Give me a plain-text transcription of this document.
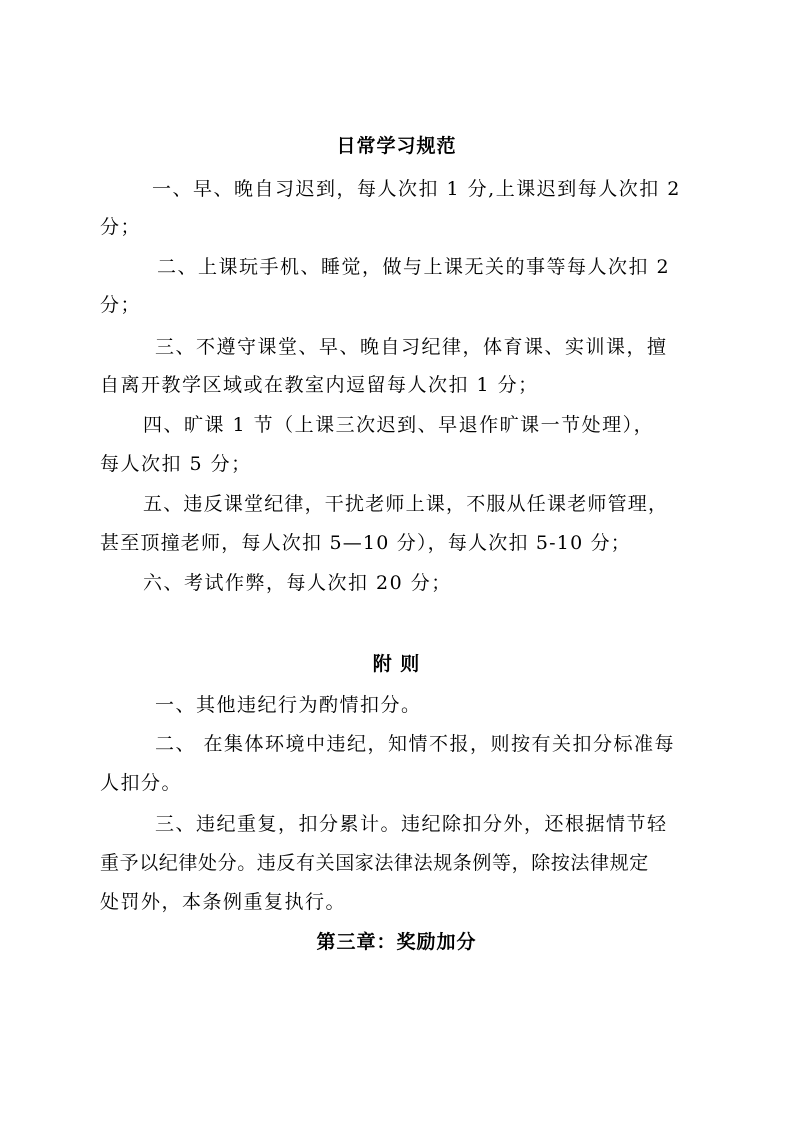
日常学习规范
一、早、晚自习迟到，每人次扣 1 分,上课迟到每人次扣 2
分；
二、上课玩手机、睡觉，做与上课无关的事等每人次扣 2
分；
三、不遵守课堂、早、晚自习纪律，体育课、实训课，擅
自离开教学区域或在教室内逗留每人次扣 1 分；
四、旷课 1 节（上课三次迟到、早退作旷课一节处理），
每人次扣 5 分；
五、违反课堂纪律，干扰老师上课，不服从任课老师管理，
甚至顶撞老师，每人次扣 5—10 分），每人次扣 5-10 分；
六、考试作弊，每人次扣 20 分；
附 则
一、其他违纪行为酌情扣分。
二、 在集体环境中违纪，知情不报，则按有关扣分标准每
人扣分。
三、违纪重复，扣分累计。违纪除扣分外，还根据情节轻
重予以纪律处分。违反有关国家法律法规条例等，除按法律规定
处罚外，本条例重复执行。
第三章：奖励加分
